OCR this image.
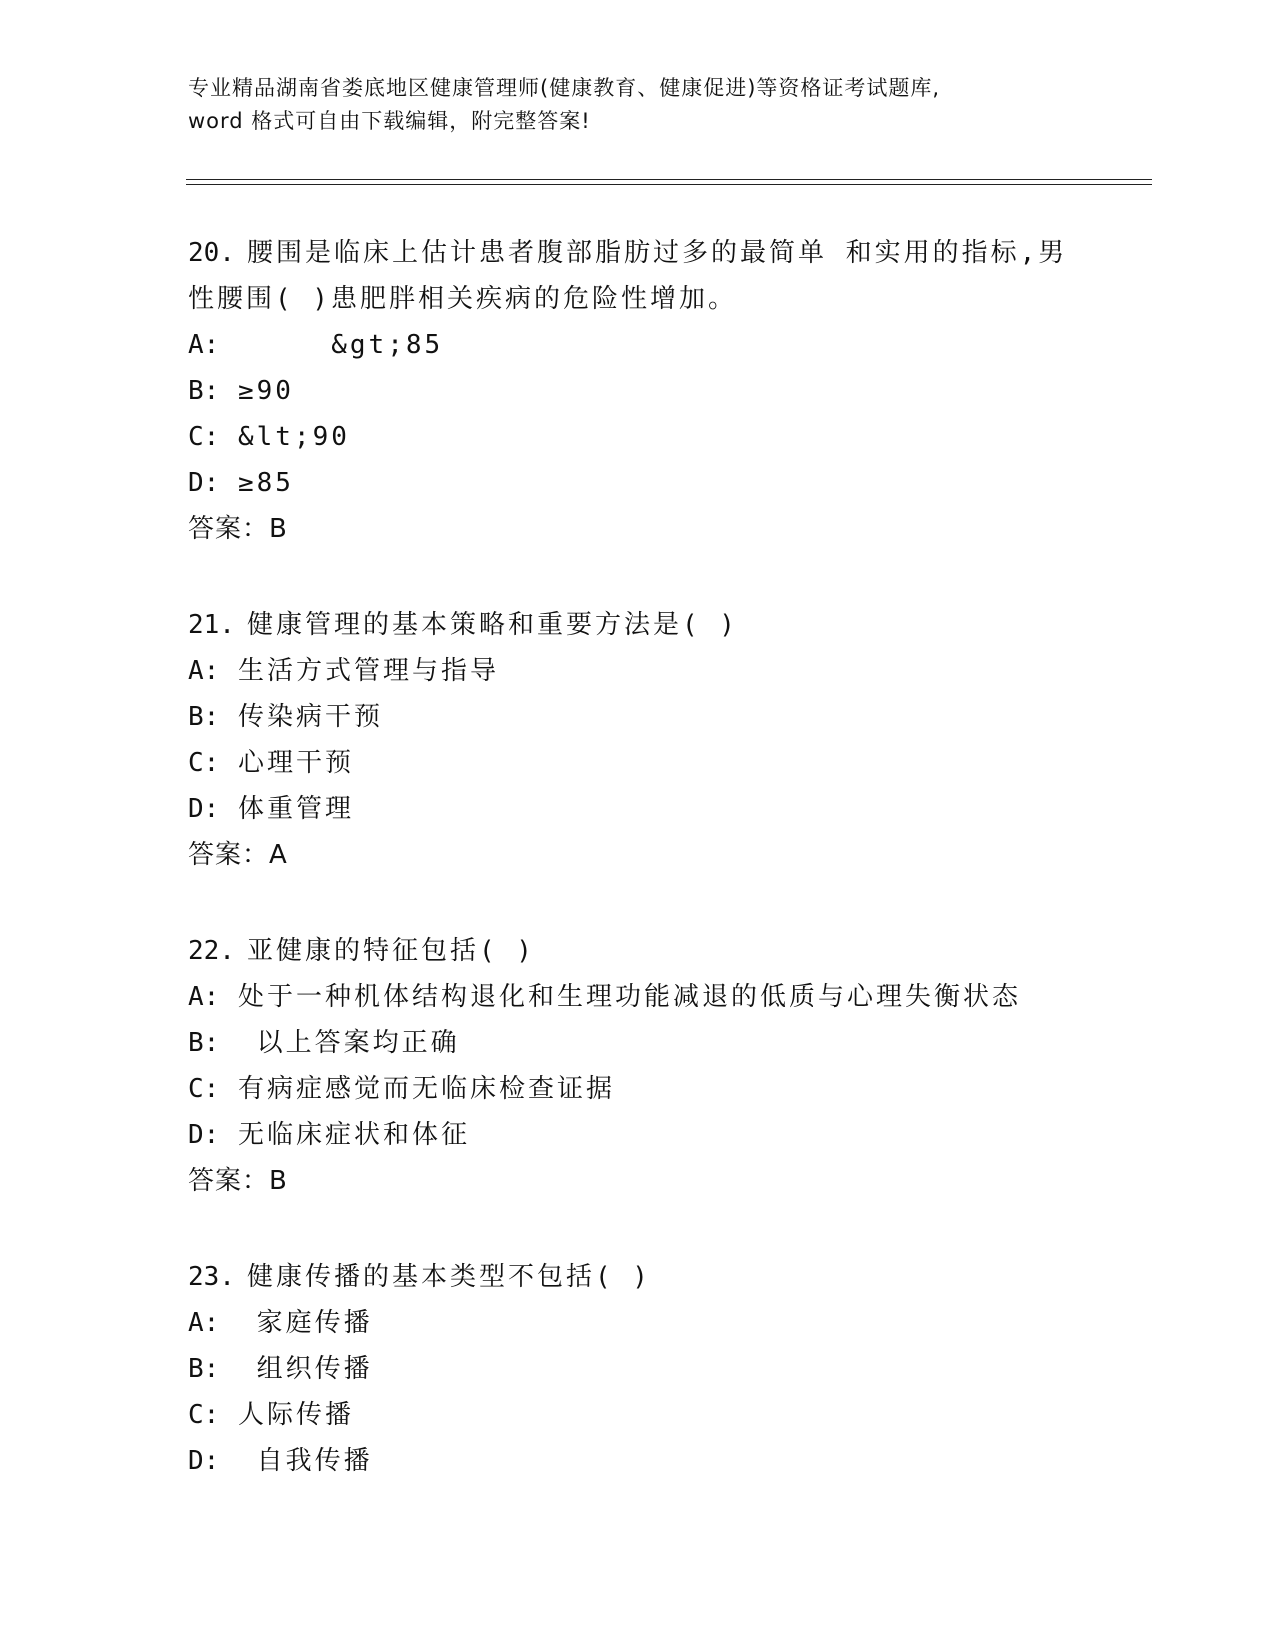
专业精品湖南省娄底地区健康管理师(健康教育、健康促进)等资格证考试题库,
word 格式可自由下载编辑，附完整答案!
20. 腰围是临床上估计患者腹部脂肪过多的最简单 和实用的指标,男
性腰围( )患肥胖相关疾病的危险性增加。
A:      &gt;85
B: ≥90
C: &lt;90
D: ≥85
答案：B
21. 健康管理的基本策略和重要方法是( )
A: 生活方式管理与指导
B: 传染病干预
C: 心理干预
D: 体重管理
答案：A
22. 亚健康的特征包括( )
A: 处于一种机体结构退化和生理功能减退的低质与心理失衡状态
B:  以上答案均正确
C: 有病症感觉而无临床检查证据
D: 无临床症状和体征
答案：B
23. 健康传播的基本类型不包括( )
A:  家庭传播
B:  组织传播
C: 人际传播
D:  自我传播
